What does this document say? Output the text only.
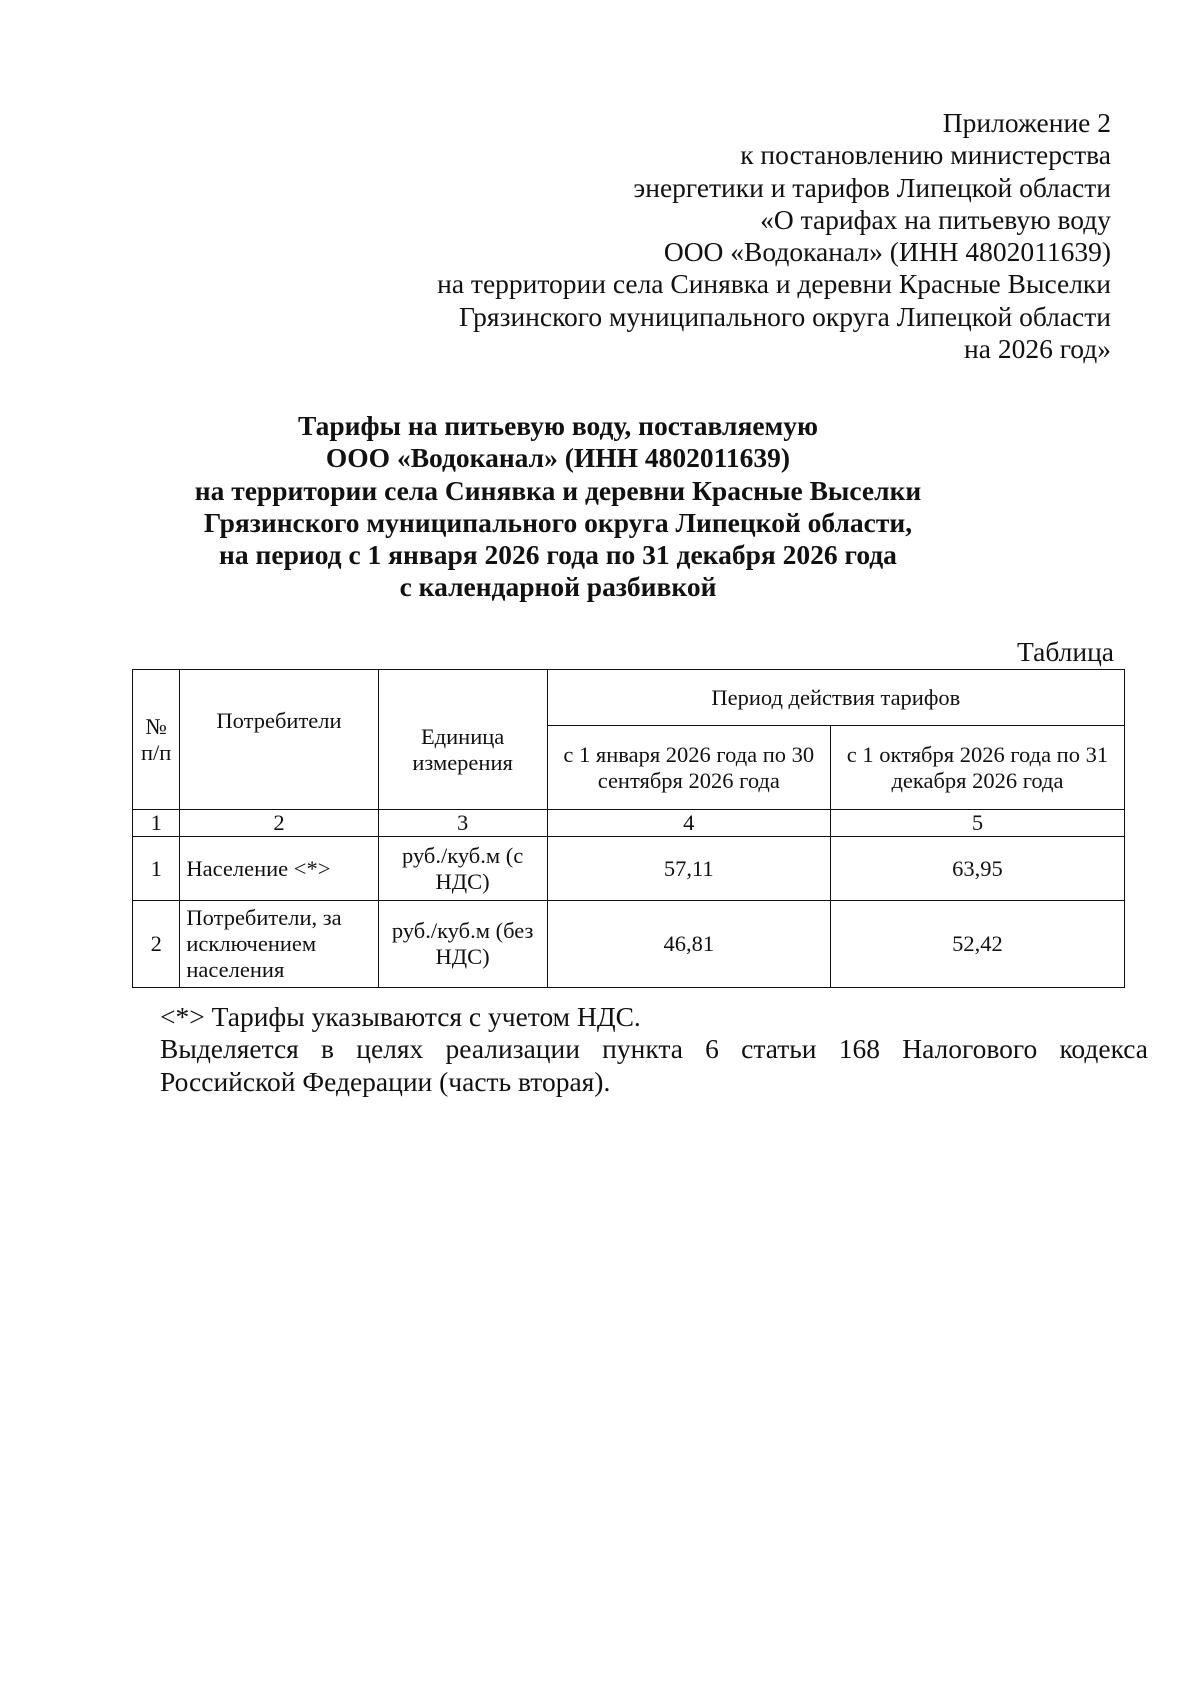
Приложение 2
к постановлению министерства
энергетики и тарифов Липецкой области
«О тарифах на питьевую воду
ООО «Водоканал» (ИНН 4802011639)
на территории села Синявка и деревни Красные Выселки
Грязинского муниципального округа Липецкой области
на 2026 год»
Тарифы на питьевую воду, поставляемую
ООО «Водоканал» (ИНН 4802011639)
на территории села Синявка и деревни Красные Выселки
Грязинского муниципального округа Липецкой области,
на период с 1 января 2026 года по 31 декабря 2026 года
с календарной разбивкой
Таблица
№ п/п	Потребители	Единица измерения	Период действия тарифов	
			с 1 января 2026 года по 30 сентября 2026 года	с 1 октября 2026 года по 31 декабря 2026 года
1	2	3	4	5
1	Население <*>	руб./куб.м (с НДС)	57,11	63,95
2	Потребители, за исключением населения	руб./куб.м (без НДС)	46,81	52,42
<*> Тарифы указываются с учетом НДС.
Выделяется в целях реализации пункта 6 статьи 168 Налогового кодекса
Российской Федерации (часть вторая).
